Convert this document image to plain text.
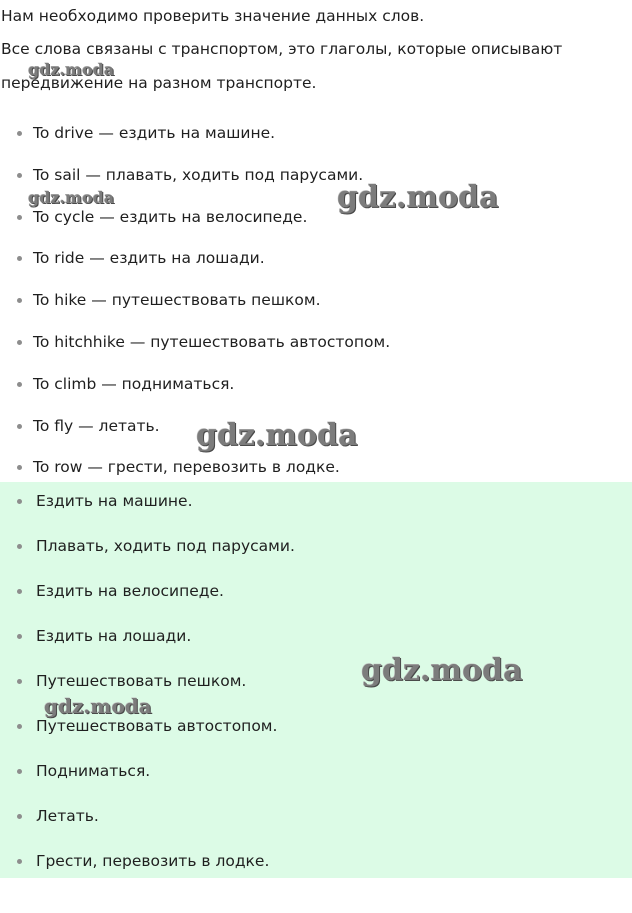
Нам необходимо проверить значение данных слов.

Все слова связаны с транспортом, это глаголы, которые описывают

передвижение на разном транспорте.

To drive — ездить на машине.
To sail — плавать, ходить под парусами.
To cycle — ездить на велосипеде.
To ride — ездить на лошади.
To hike — путешествовать пешком.
To hitchhike — путешествовать автостопом.
To climb — подниматься.
To fly — летать.
To row — грести, перевозить в лодке.
Ездить на машине.
Плавать, ходить под парусами.
Ездить на велосипеде.
Ездить на лошади.
Путешествовать пешком.
Путешествовать автостопом.
Подниматься.
Летать.
Грести, перевозить в лодке.
gdz.moda
gdz.moda	gdz.moda
gdz.moda
gdz.moda
gdz.moda
